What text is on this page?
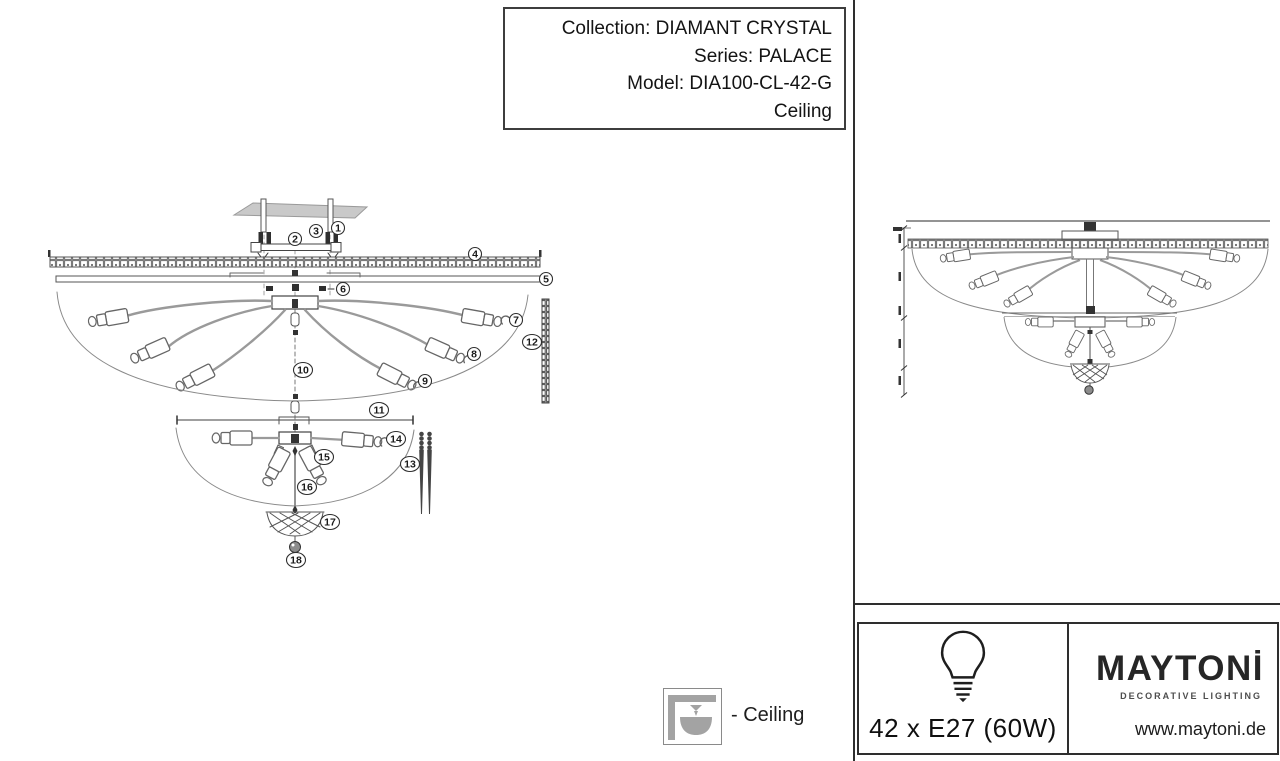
Collection: DIAMANT CRYSTAL
Series: PALACE
Model: DIA100-CL-42-G
Ceiling
1
2
3
4
5
6
7
8
9
10
11
12
13
14
15
16
17
18
- Ceiling	42 x E27 (60W)
MAYTONİ
DECORATIVE LIGHTING
www.maytoni.de
